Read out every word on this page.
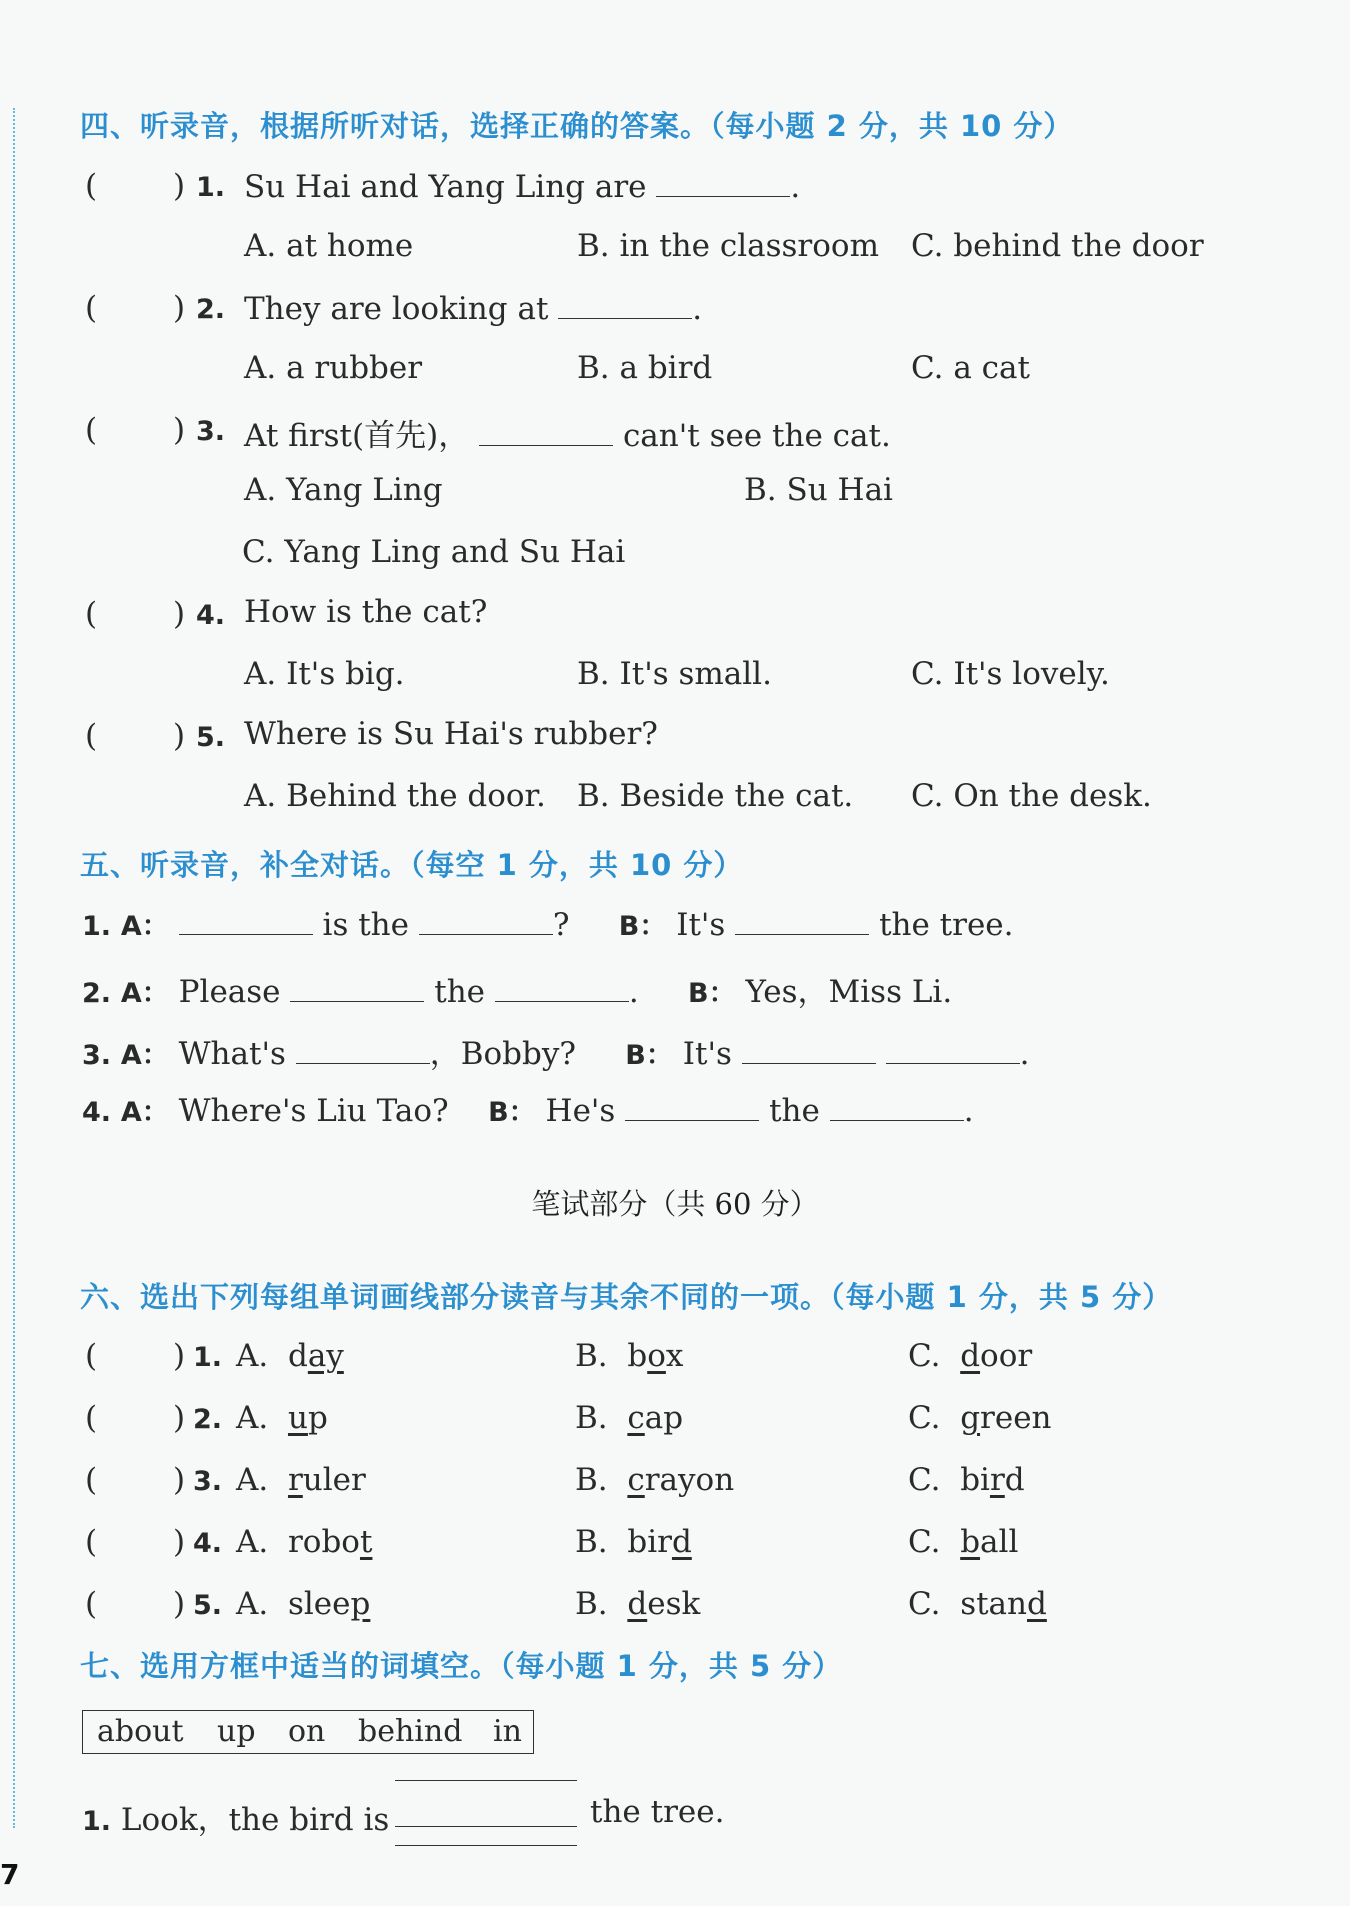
四、听录音，根据所听对话，选择正确的答案。（每小题 2 分，共 10 分）
( ) 1. Su Hai and Yang Ling are	.
A. at home	B. in the classroom C. behind the door
( ) 2. They are looking at	.
A. a rubber	B. a bird	C. a cat
( ) 3. At first(首先)，	can't see the cat.
A. Yang Ling	B. Su Hai
C. Yang Ling and Su Hai
( ) 4. How is the cat?
A. It's big.	B. It's small.	C. It's lovely.
( ) 5. Where is Su Hai's rubber?
A. Behind the door. B. Beside the cat. C. On the desk.
五、听录音，补全对话。（每空 1 分，共 10 分）
1. A：	is the	? B： It's	the tree.
2. A： Please	the	. B： Yes，Miss Li.
3. A： What's	，Bobby? B： It's	.
4. A： Where's Liu Tao? B： He's	the	.
笔试部分（共 60 分）
六、选出下列每组单词画线部分读音与其余不同的一项。（每小题 1 分，共 5 分）
( ) 1. A. day	B. box	C. door
( ) 2. A. up	B. cap	C. green
( ) 3. A. ruler	B. crayon	C. bird
( ) 4. A. robot	B. bird	C. ball
( ) 5. A. sleep	B. desk	C. stand
七、选用方框中适当的词填空。（每小题 1 分，共 5 分）
about up on behind in
1. Look，the bird is	the tree.
7
